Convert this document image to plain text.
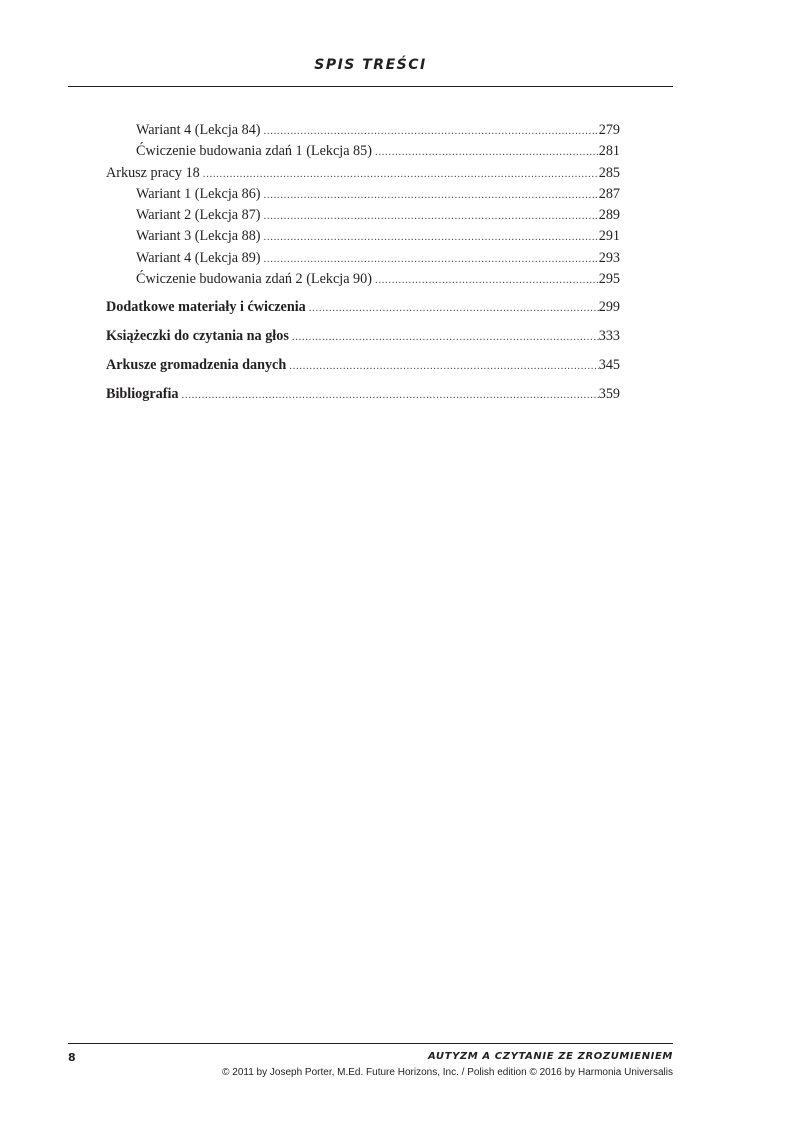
SPIS TREŚCI
Wariant 4 (Lekcja 84) .....	279
Ćwiczenie budowania zdań 1 (Lekcja 85) .....	281
Arkusz pracy 18 .....	285
Wariant 1 (Lekcja 86) .....	287
Wariant 2 (Lekcja 87) .....	289
Wariant 3 (Lekcja 88) .....	291
Wariant 4 (Lekcja 89) .....	293
Ćwiczenie budowania zdań 2 (Lekcja 90) .....	295
Dodatkowe materiały i ćwiczenia .....	299
Książeczki do czytania na głos .....	333
Arkusze gromadzenia danych .....	345
Bibliografia .....	359
8	AUTYZM A CZYTANIE ZE ZROZUMIENIEM
© 2011 by Joseph Porter, M.Ed. Future Horizons, Inc. / Polish edition © 2016 by Harmonia Universalis
